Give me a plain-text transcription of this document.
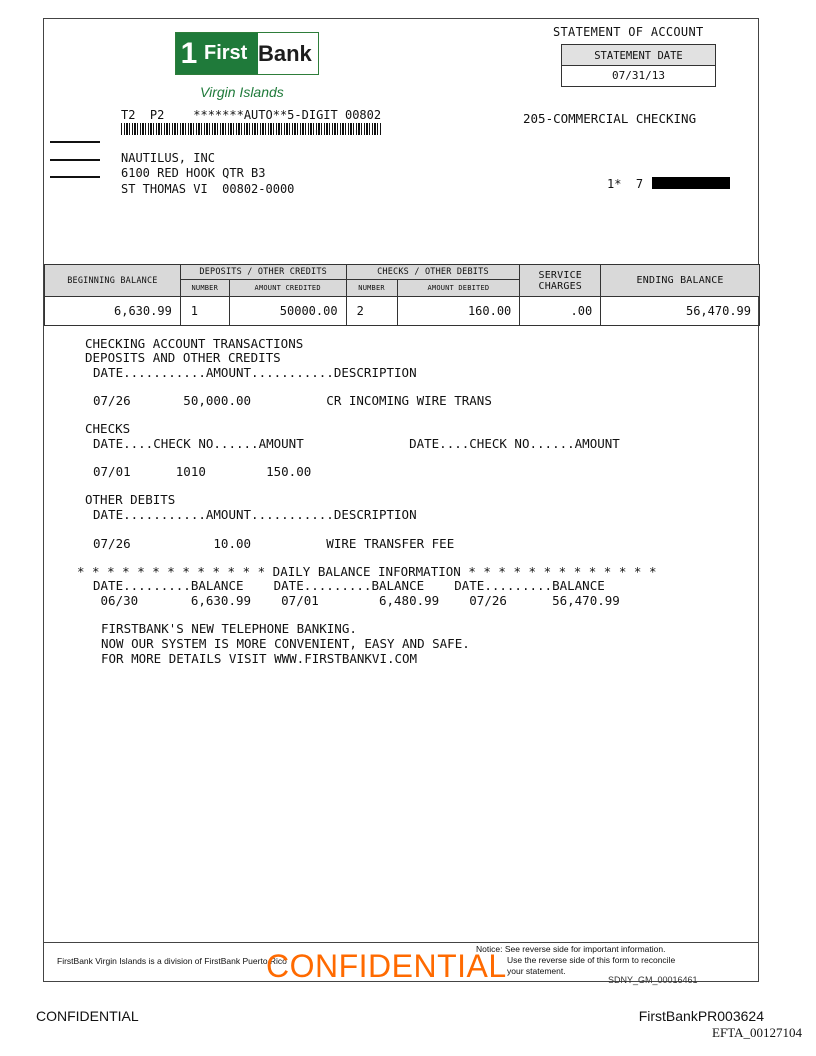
1 First Bank
Virgin Islands
STATEMENT OF ACCOUNT
STATEMENT DATE
07/31/13
205-COMMERCIAL CHECKING
1*  7
T2  P2    *******AUTO**5-DIGIT 00802
NAUTILUS, INC
6100 RED HOOK QTR B3
ST THOMAS VI  00802-0000
BEGINNING BALANCE	DEPOSITS / OTHER CREDITS		CHECKS / OTHER DEBITS		SERVICE CHARGES	ENDING BALANCE
	NUMBER	AMOUNT CREDITED	NUMBER	AMOUNT DEBITED		
6,630.99	1	50000.00	2	160.00	.00	56,470.99
CHECKING ACCOUNT TRANSACTIONS
DEPOSITS AND OTHER CREDITS
DATE...........AMOUNT...........DESCRIPTION
07/26       50,000.00          CR INCOMING WIRE TRANS
CHECKS
DATE....CHECK NO......AMOUNT              DATE....CHECK NO......AMOUNT
07/01      1010        150.00
OTHER DEBITS
DATE...........AMOUNT...........DESCRIPTION
07/26           10.00          WIRE TRANSFER FEE
* * * * * * * * * * * * * DAILY BALANCE INFORMATION * * * * * * * * * * * * *
DATE.........BALANCE    DATE.........BALANCE    DATE.........BALANCE
06/30       6,630.99    07/01        6,480.99    07/26      56,470.99
FIRSTBANK'S NEW TELEPHONE BANKING.
NOW OUR SYSTEM IS MORE CONVENIENT, EASY AND SAFE.
FOR MORE DETAILS VISIT WWW.FIRSTBANKVI.COM
FirstBank Virgin Islands is a division of FirstBank Puerto Rico
Notice: See reverse side for important information.
Use the reverse side of this form to reconcile
your statement.
CONFIDENTIAL	SDNY_GM_00016461
CONFIDENTIAL	FirstBankPR003624
EFTA_00127104
